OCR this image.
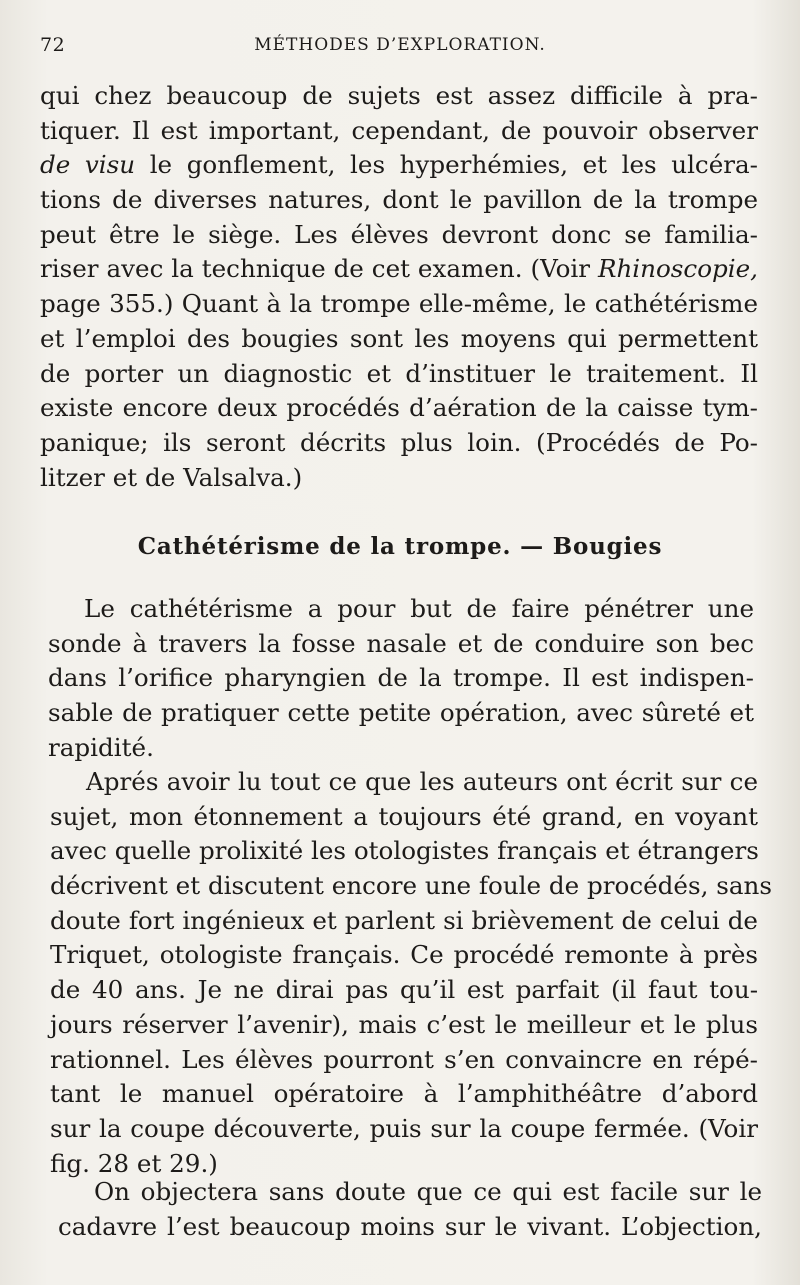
72	MÉTHODES D’EXPLORATION.
qui chez beaucoup de sujets est assez difficile à pra-
tiquer. Il est important, cependant, de pouvoir observer
de visu le gonflement, les hyperhémies, et les ulcéra-
tions de diverses natures, dont le pavillon de la trompe
peut être le siège. Les élèves devront donc se familia-
riser avec la technique de cet examen. (Voir Rhinoscopie,
page 355.) Quant à la trompe elle-même, le cathétérisme
et l’emploi des bougies sont les moyens qui permettent
de porter un diagnostic et d’instituer le traitement. Il
existe encore deux procédés d’aération de la caisse tym-
panique; ils seront décrits plus loin. (Procédés de Po-
litzer et de Valsalva.)
Cathétérisme de la trompe. — Bougies
Le cathétérisme a pour but de faire pénétrer une
sonde à travers la fosse nasale et de conduire son bec
dans l’orifice pharyngien de la trompe. Il est indispen-
sable de pratiquer cette petite opération, avec sûreté et
rapidité.
Aprés avoir lu tout ce que les auteurs ont écrit sur ce
sujet, mon étonnement a toujours été grand, en voyant
avec quelle prolixité les otologistes français et étrangers
décrivent et discutent encore une foule de procédés, sans
doute fort ingénieux et parlent si brièvement de celui de
Triquet, otologiste français. Ce procédé remonte à près
de 40 ans. Je ne dirai pas qu’il est parfait (il faut tou-
jours réserver l’avenir), mais c’est le meilleur et le plus
rationnel. Les élèves pourront s’en convaincre en répé-
tant le manuel opératoire à l’amphithéâtre d’abord
sur la coupe découverte, puis sur la coupe fermée. (Voir
fig. 28 et 29.)
On objectera sans doute que ce qui est facile sur le
cadavre l’est beaucoup moins sur le vivant. L’objection,
